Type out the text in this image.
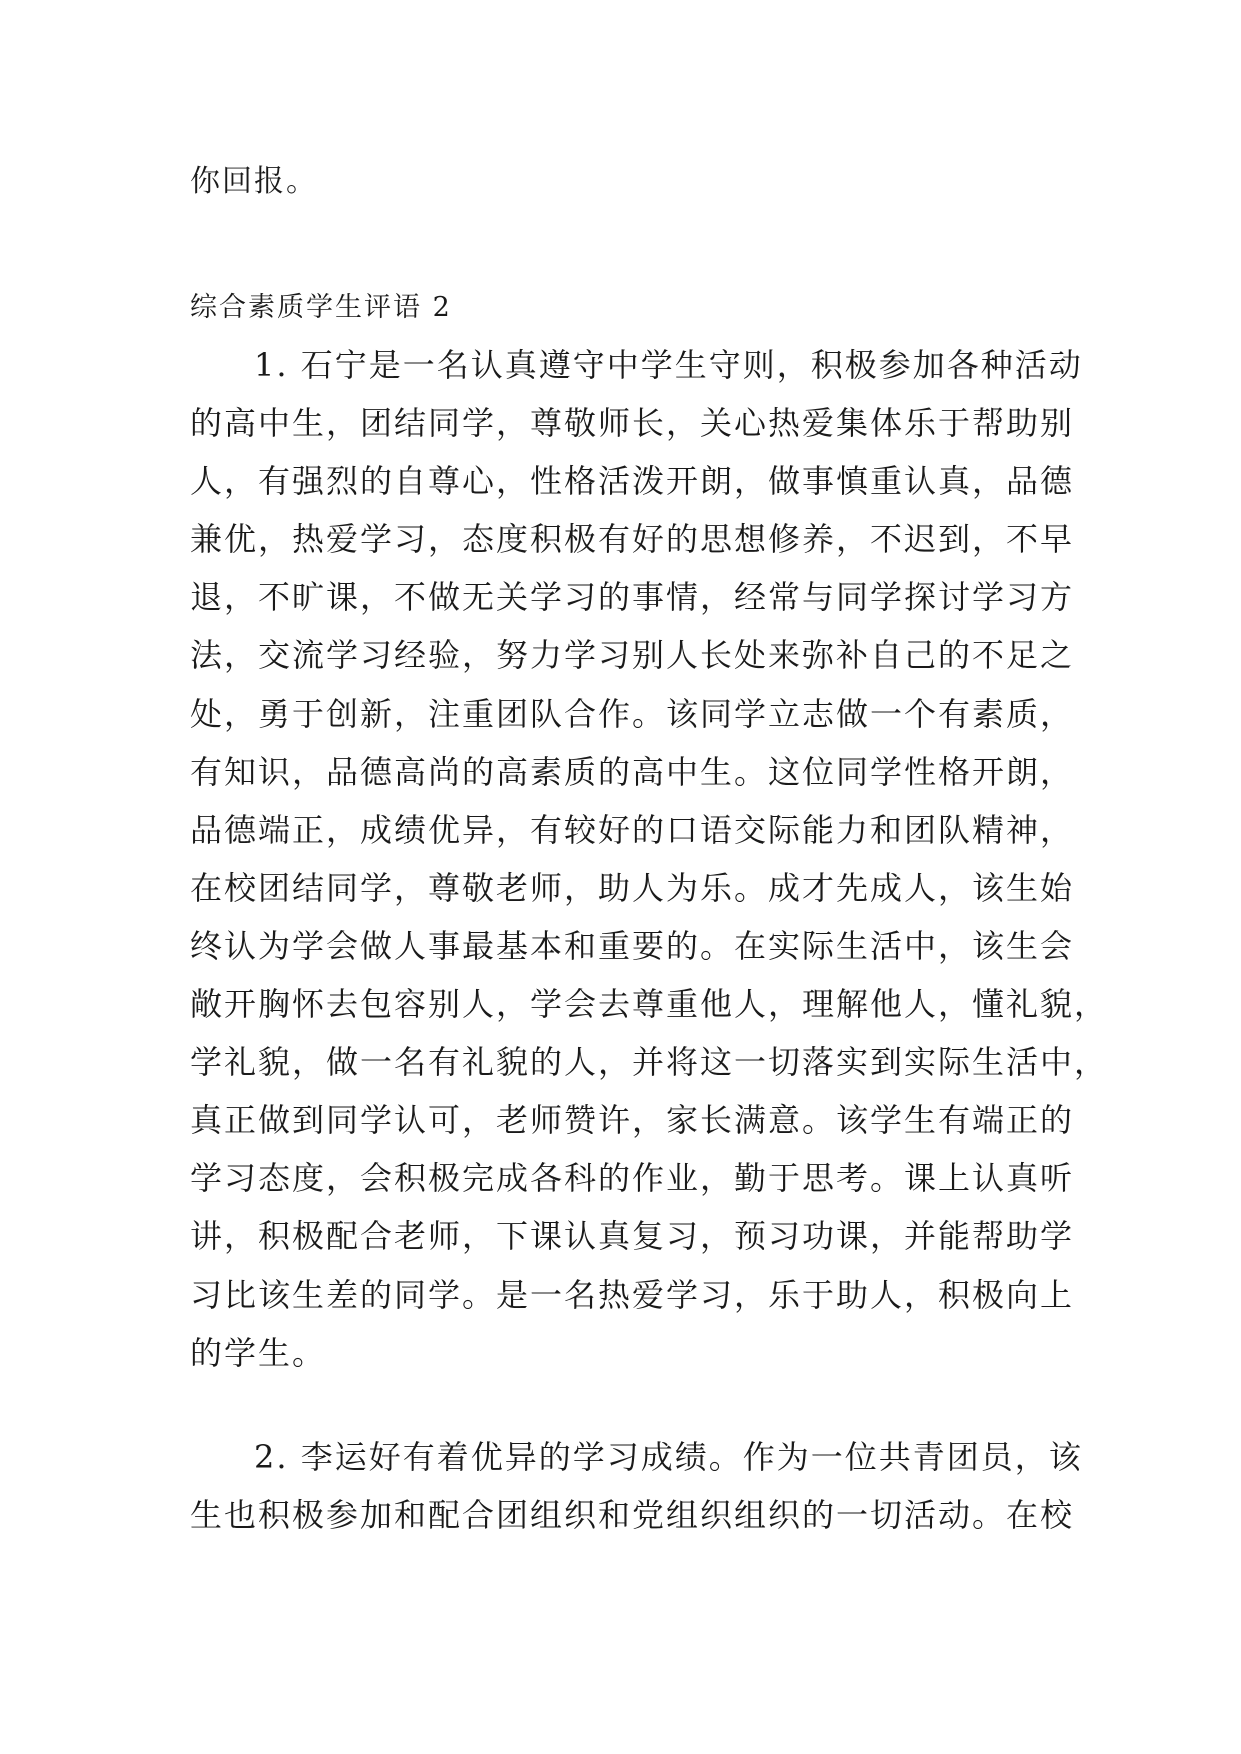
你回报。
综合素质学生评语 2
1. 石宁是一名认真遵守中学生守则，积极参加各种活动
的高中生，团结同学，尊敬师长，关心热爱集体乐于帮助别
人，有强烈的自尊心，性格活泼开朗，做事慎重认真，品德
兼优，热爱学习，态度积极有好的思想修养，不迟到，不早
退，不旷课，不做无关学习的事情，经常与同学探讨学习方
法，交流学习经验，努力学习别人长处来弥补自己的不足之
处，勇于创新，注重团队合作。该同学立志做一个有素质，
有知识，品德高尚的高素质的高中生。这位同学性格开朗，
品德端正，成绩优异，有较好的口语交际能力和团队精神，
在校团结同学，尊敬老师，助人为乐。成才先成人，该生始
终认为学会做人事最基本和重要的。在实际生活中，该生会
敞开胸怀去包容别人，学会去尊重他人，理解他人，懂礼貌，
学礼貌，做一名有礼貌的人，并将这一切落实到实际生活中，
真正做到同学认可，老师赞许，家长满意。该学生有端正的
学习态度，会积极完成各科的作业，勤于思考。课上认真听
讲，积极配合老师，下课认真复习，预习功课，并能帮助学
习比该生差的同学。是一名热爱学习，乐于助人，积极向上
的学生。
2. 李运好有着优异的学习成绩。作为一位共青团员，该
生也积极参加和配合团组织和党组织组织的一切活动。在校
